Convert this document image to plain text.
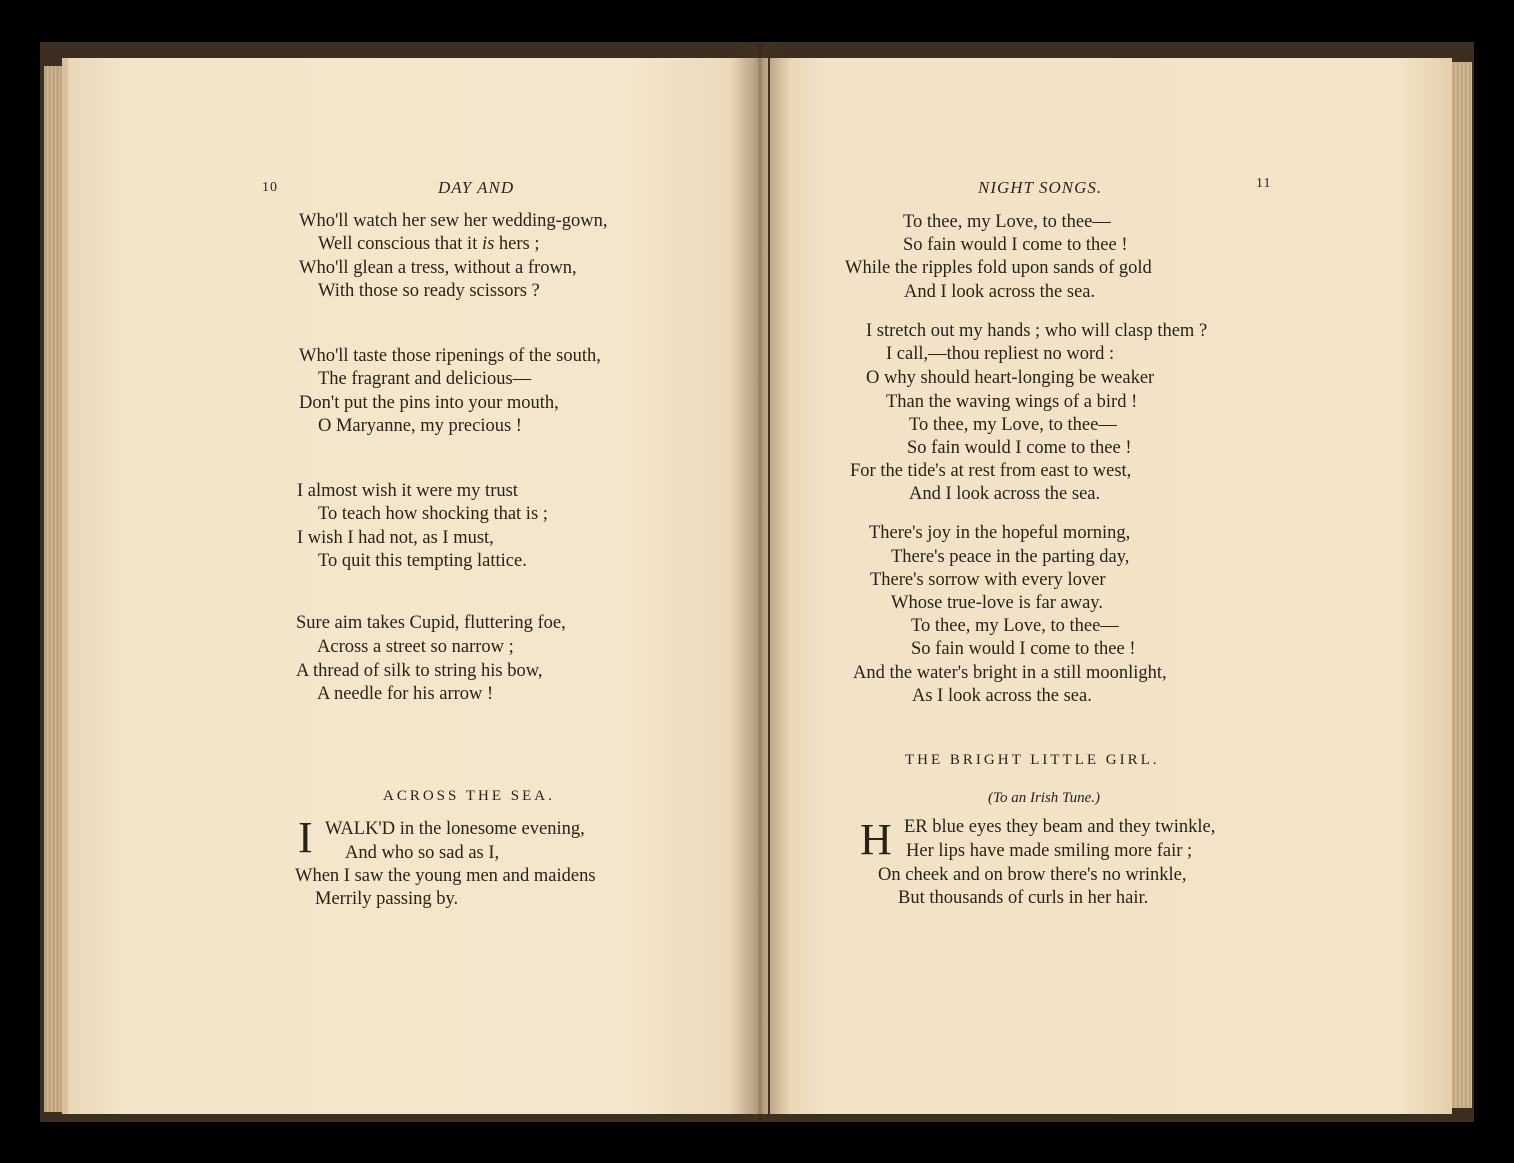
10	DAY AND
Who'll watch her sew her wedding-gown,
Well conscious that it is hers ;
Who'll glean a tress, without a frown,
With those so ready scissors ?
Who'll taste those ripenings of the south,
The fragrant and delicious—
Don't put the pins into your mouth,
O Maryanne, my precious !
I almost wish it were my trust
To teach how shocking that is ;
I wish I had not, as I must,
To quit this tempting lattice.
Sure aim takes Cupid, fluttering foe,
Across a street so narrow ;
A thread of silk to string his bow,
A needle for his arrow !
ACROSS THE SEA.
I WALK'D in the lonesome evening,
And who so sad as I,
When I saw the young men and maidens
Merrily passing by.
NIGHT SONGS.	11
To thee, my Love, to thee—
So fain would I come to thee !
While the ripples fold upon sands of gold
And I look across the sea.
I stretch out my hands ; who will clasp them ?
I call,—thou repliest no word :
O why should heart-longing be weaker
Than the waving wings of a bird !
To thee, my Love, to thee—
So fain would I come to thee !
For the tide's at rest from east to west,
And I look across the sea.
There's joy in the hopeful morning,
There's peace in the parting day,
There's sorrow with every lover
Whose true-love is far away.
To thee, my Love, to thee—
So fain would I come to thee !
And the water's bright in a still moonlight,
As I look across the sea.
THE BRIGHT LITTLE GIRL.
(To an Irish Tune.)
H ER blue eyes they beam and they twinkle,
Her lips have made smiling more fair ;
On cheek and on brow there's no wrinkle,
But thousands of curls in her hair.
